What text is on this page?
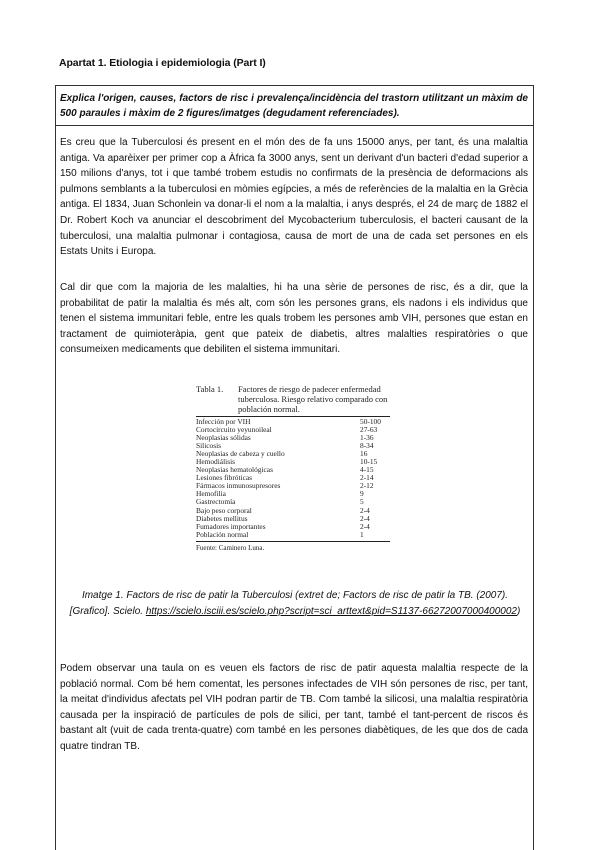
Apartat 1. Etiologia i epidemiologia (Part I)
Explica l'origen, causes, factors de risc i prevalença/incidència del trastorn utilitzant un màxim de 500 paraules i màxim de 2 figures/imatges (degudament referenciades).
Es creu que la Tuberculosi és present en el món des de fa uns 15000 anys, per tant, és una malaltia antiga. Va aparèixer per primer cop a Àfrica fa 3000 anys, sent un derivant d'un bacteri d'edad superior a 150 milions d'anys, tot i que també trobem estudis no confirmats de la presència de deformacions als pulmons semblants a la tuberculosi en mòmies egípcies, a més de referències de la malaltia en la Grècia antiga. El 1834, Juan Schonlein va donar-li el nom a la malaltia, i anys després, el 24 de març de 1882 el Dr. Robert Koch va anunciar el descobriment del Mycobacterium tuberculosis, el bacteri causant de la tuberculosi, una malaltia pulmonar i contagiosa, causa de mort de una de cada set persones en els Estats Units i Europa.
Cal dir que com la majoria de les malalties, hi ha una sèrie de persones de risc, és a dir, que la probabilitat de patir la malaltia és més alt, com són les persones grans, els nadons i els individus que tenen el sistema immunitari feble, entre les quals trobem les persones amb VIH, persones que estan en tractament de quimioteràpia, gent que pateix de diabetis, altres malalties respiratòries o que consumeixen medicaments que debiliten el sistema immunitari.
Tabla 1.	Factores de riesgo de padecer enfermedad tuberculosa. Riesgo relativo comparado con población normal.
Infección por VIH	50-100
Cortocircuito yeyunoileal	27-63
Neoplasias sólidas	1-36
Silicosis	8-34
Neoplasias de cabeza y cuello	16
Hemodiálisis	10-15
Neoplasias hematológicas	4-15
Lesiones fibróticas	2-14
Fármacos inmunosupresores	2-12
Hemofilia	9
Gastrectomía	5
Bajo peso corporal	2-4
Diabetes mellitus	2-4
Fumadores importantes	2-4
Población normal	1
Fuente: Caminero Luna.
Imatge 1. Factors de risc de patir la Tuberculosi (extret de; Factors de risc de patir la TB. (2007). [Grafico]. Scielo. https://scielo.isciii.es/scielo.php?script=sci_arttext&pid=S1137-66272007000400002)
Podem observar una taula on es veuen els factors de risc de patir aquesta malaltia respecte de la població normal. Com bé hem comentat, les persones infectades de VIH són persones de risc, per tant, la meitat d'individus afectats pel VIH podran partir de TB. Com també la silicosi, una malaltia respiratòria causada per la inspiració de partícules de pols de silici, per tant, també el tant-percent de riscos és bastant alt (vuit de cada trenta-quatre) com també en les persones diabètiques, de les que dos de cada quatre tindran TB.
